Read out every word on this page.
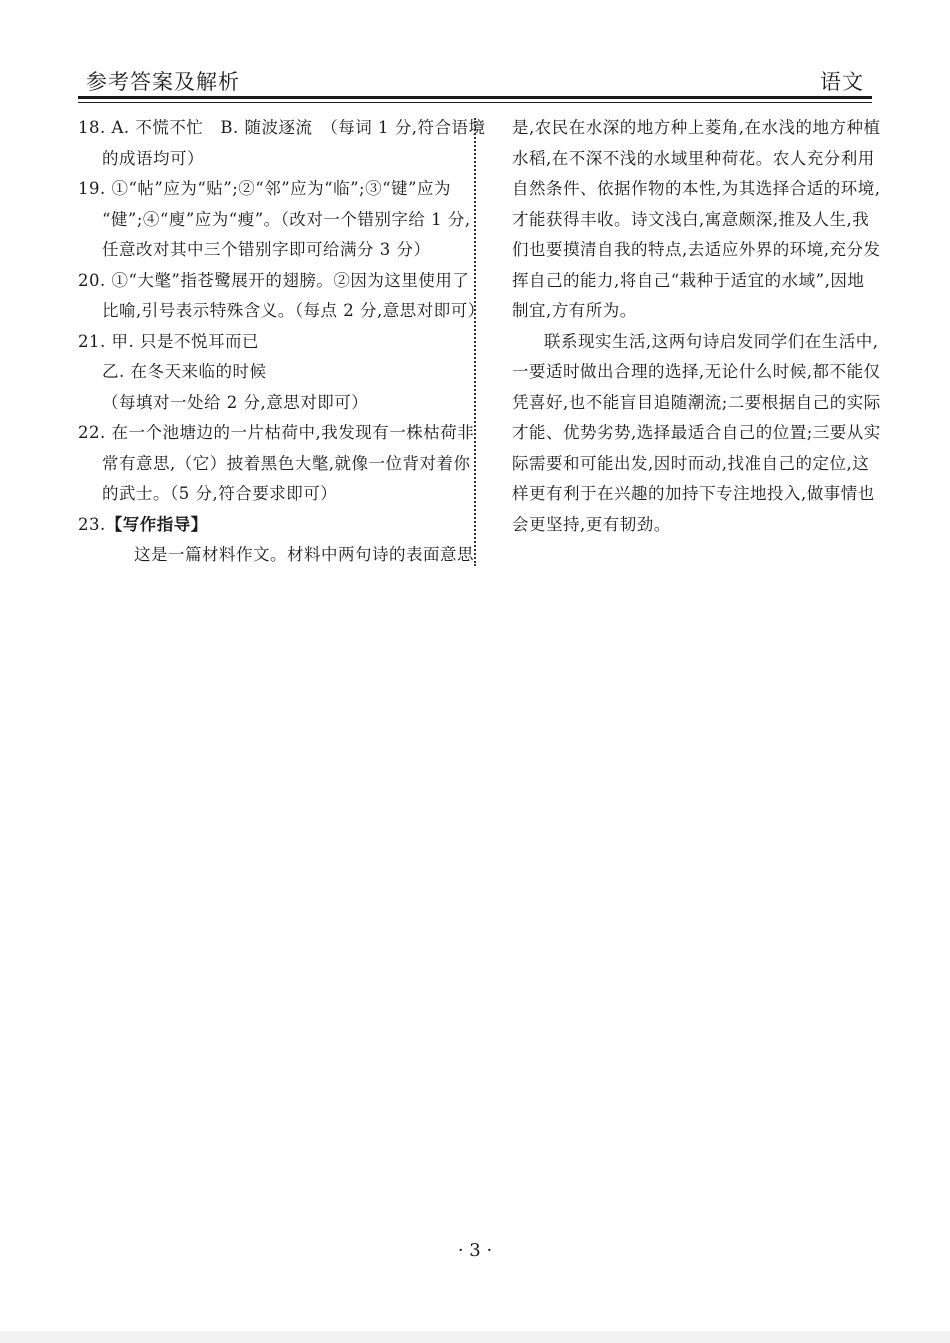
参考答案及解析	语文
18. A. 不慌不忙　B. 随波逐流　（每词 1 分,符合语境
的成语均可）
19. ①“帖”应为“贴”;②“邻”应为“临”;③“键”应为
“健”;④“廋”应为“瘦”。（改对一个错别字给 1 分,
任意改对其中三个错别字即可给满分 3 分）
20. ①“大氅”指苍鹭展开的翅膀。②因为这里使用了
比喻,引号表示特殊含义。（每点 2 分,意思对即可）
21. 甲. 只是不悦耳而已
乙. 在冬天来临的时候
（每填对一处给 2 分,意思对即可）
22. 在一个池塘边的一片枯荷中,我发现有一株枯荷非
常有意思,（它）披着黑色大氅,就像一位背对着你
的武士。（5 分,符合要求即可）
23.【写作指导】
这是一篇材料作文。材料中两句诗的表面意思
是,农民在水深的地方种上菱角,在水浅的地方种植
水稻,在不深不浅的水域里种荷花。农人充分利用
自然条件、依据作物的本性,为其选择合适的环境,
才能获得丰收。诗文浅白,寓意颇深,推及人生,我
们也要摸清自我的特点,去适应外界的环境,充分发
挥自己的能力,将自己“栽种于适宜的水域”,因地
制宜,方有所为。
联系现实生活,这两句诗启发同学们在生活中,
一要适时做出合理的选择,无论什么时候,都不能仅
凭喜好,也不能盲目追随潮流;二要根据自己的实际
才能、优势劣势,选择最适合自己的位置;三要从实
际需要和可能出发,因时而动,找准自己的定位,这
样更有利于在兴趣的加持下专注地投入,做事情也
会更坚持,更有韧劲。
· 3 ·
